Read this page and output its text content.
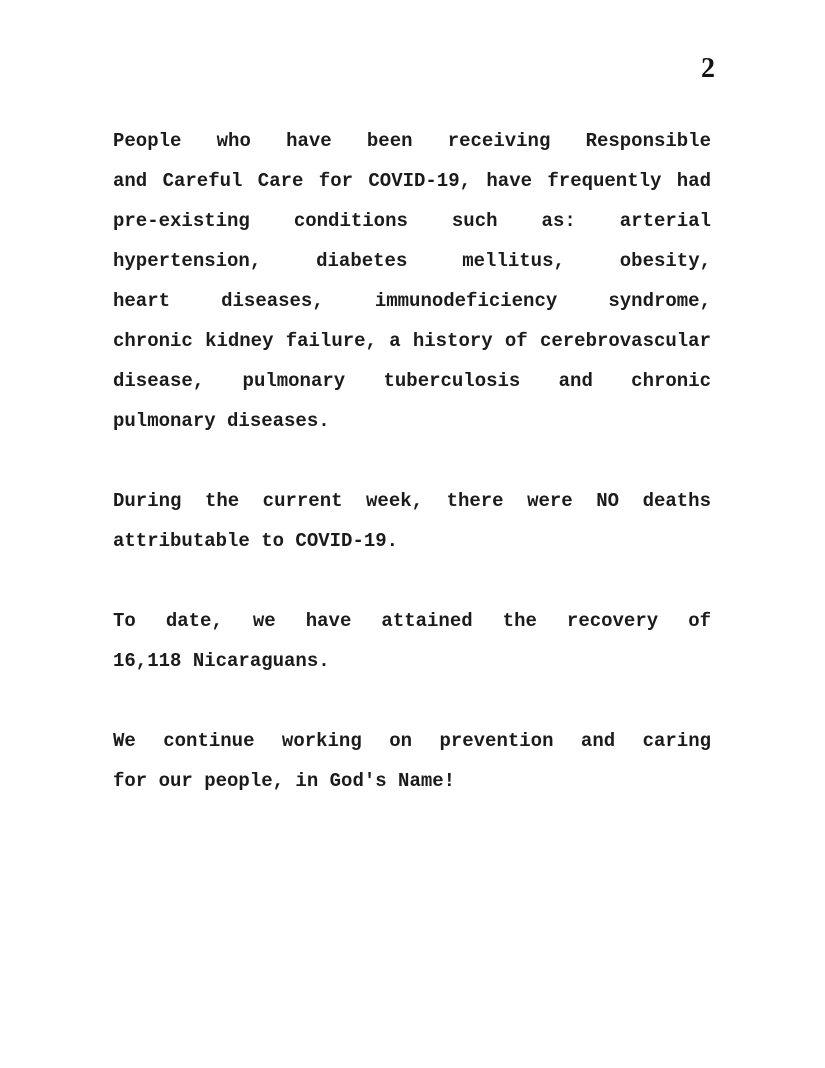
2
People who have been receiving Responsible
and Careful Care for COVID-19, have frequently had
pre-existing conditions such as: arterial
hypertension, diabetes mellitus, obesity,
heart diseases, immunodeficiency syndrome,
chronic kidney failure, a history of cerebrovascular
disease, pulmonary tuberculosis and chronic
pulmonary diseases.
During the current week, there were NO deaths
attributable to COVID-19.
To date, we have attained the recovery of
16,118 Nicaraguans.
We continue working on prevention and caring
for our people, in God's Name!
